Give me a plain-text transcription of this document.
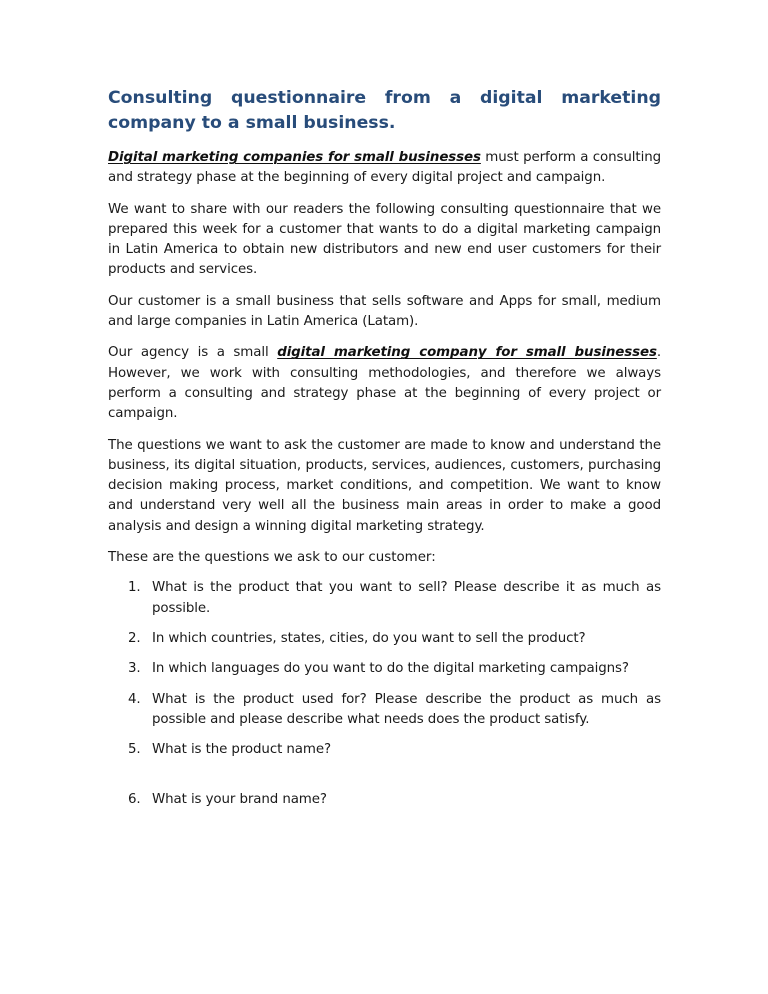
Consulting questionnaire from a digital marketing company to a small business.

Digital marketing companies for small businesses must perform a consulting and strategy phase at the beginning of every digital project and campaign.

We want to share with our readers the following consulting questionnaire that we prepared this week for a customer that wants to do a digital marketing campaign in Latin America to obtain new distributors and new end user customers for their products and services.

Our customer is a small business that sells software and Apps for small, medium and large companies in Latin America (Latam).

Our agency is a small digital marketing company for small businesses. However, we work with consulting methodologies, and therefore we always perform a consulting and strategy phase at the beginning of every project or campaign.

The questions we want to ask the customer are made to know and understand the business, its digital situation, products, services, audiences, customers, purchasing decision making process, market conditions, and competition. We want to know and understand very well all the business main areas in order to make a good analysis and design a winning digital marketing strategy.

These are the questions we ask to our customer:

1. What is the product that you want to sell? Please describe it as much as possible.
2. In which countries, states, cities, do you want to sell the product?
3. In which languages do you want to do the digital marketing campaigns?
4. What is the product used for? Please describe the product as much as possible and please describe what needs does the product satisfy.
5. What is the product name?
6. What is your brand name?
